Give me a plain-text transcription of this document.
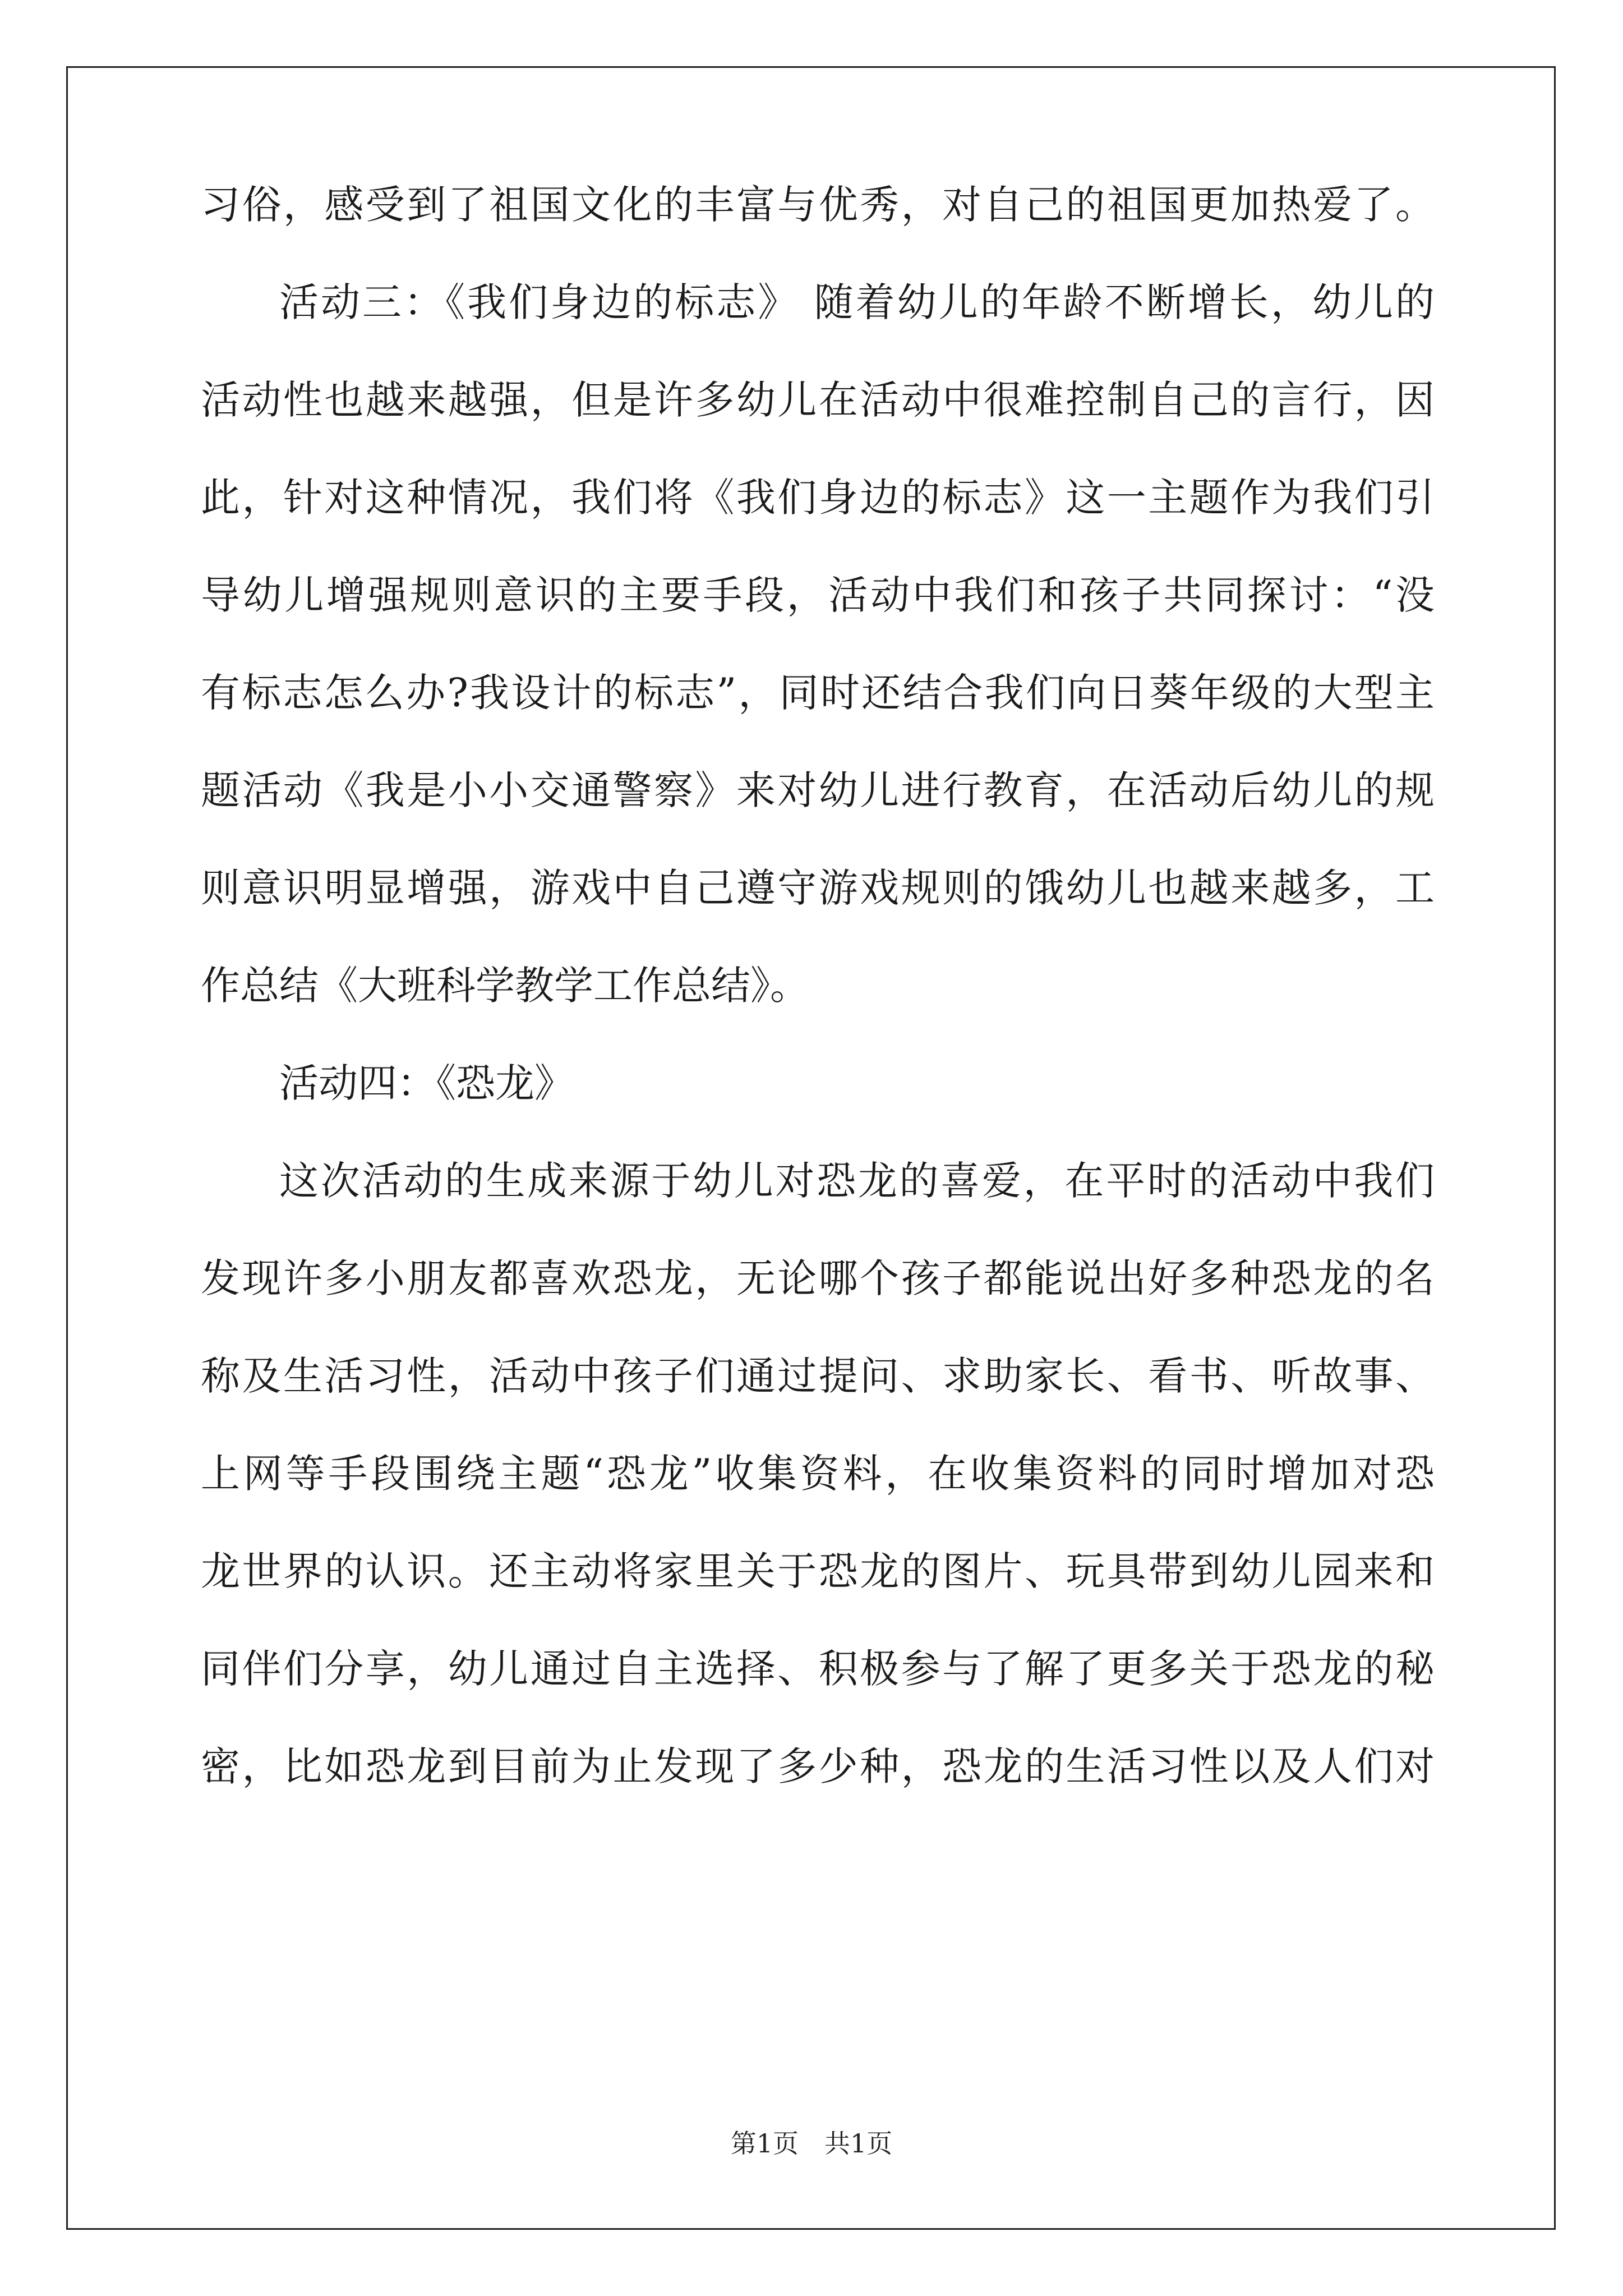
习俗，感受到了祖国文化的丰富与优秀，对自己的祖国更加热爱了。
活动三：《我们身边的标志》 随着幼儿的年龄不断增长，幼儿的
活动性也越来越强，但是许多幼儿在活动中很难控制自己的言行，因
此，针对这种情况，我们将《我们身边的标志》这一主题作为我们引
导幼儿增强规则意识的主要手段，活动中我们和孩子共同探讨：“没
有标志怎么办?我设计的标志”，同时还结合我们向日葵年级的大型主
题活动《我是小小交通警察》来对幼儿进行教育，在活动后幼儿的规
则意识明显增强，游戏中自己遵守游戏规则的饿幼儿也越来越多，工
作总结《大班科学教学工作总结》。
活动四：《恐龙》
这次活动的生成来源于幼儿对恐龙的喜爱，在平时的活动中我们
发现许多小朋友都喜欢恐龙，无论哪个孩子都能说出好多种恐龙的名
称及生活习性，活动中孩子们通过提问、求助家长、看书、听故事、
上网等手段围绕主题“恐龙”收集资料，在收集资料的同时增加对恐
龙世界的认识。还主动将家里关于恐龙的图片、玩具带到幼儿园来和
同伴们分享，幼儿通过自主选择、积极参与了解了更多关于恐龙的秘
密，比如恐龙到目前为止发现了多少种，恐龙的生活习性以及人们对
第1页　共1页
